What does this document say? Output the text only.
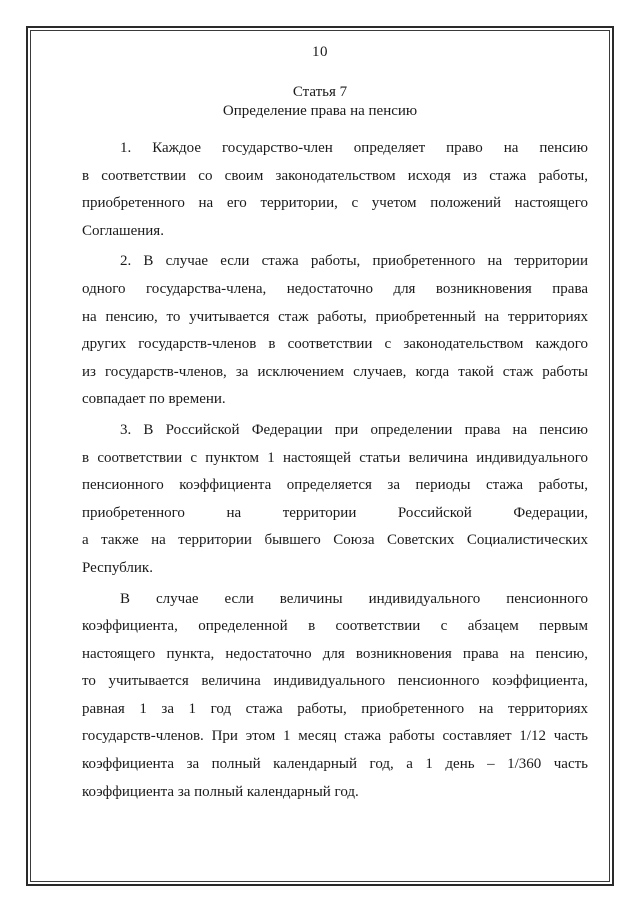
10
Статья 7
Определение права на пенсию
1. Каждое государство-член определяет право на пенсию
в соответствии со своим законодательством исходя из стажа работы,
приобретенного на его территории, с учетом положений настоящего
Соглашения.
2. В случае если стажа работы, приобретенного на территории
одного государства-члена, недостаточно для возникновения права
на пенсию, то учитывается стаж работы, приобретенный на территориях
других государств-членов в соответствии с законодательством каждого
из государств-членов, за исключением случаев, когда такой стаж работы
совпадает по времени.
3. В Российской Федерации при определении права на пенсию
в соответствии с пунктом 1 настоящей статьи величина индивидуального
пенсионного коэффициента определяется за периоды стажа работы,
приобретенного на территории Российской Федерации,
а также на территории бывшего Союза Советских Социалистических
Республик.
В случае если величины индивидуального пенсионного
коэффициента, определенной в соответствии с абзацем первым
настоящего пункта, недостаточно для возникновения права на пенсию,
то учитывается величина индивидуального пенсионного коэффициента,
равная 1 за 1 год стажа работы, приобретенного на территориях
государств-членов. При этом 1 месяц стажа работы составляет 1/12 часть
коэффициента за полный календарный год, а 1 день – 1/360 часть
коэффициента за полный календарный год.
